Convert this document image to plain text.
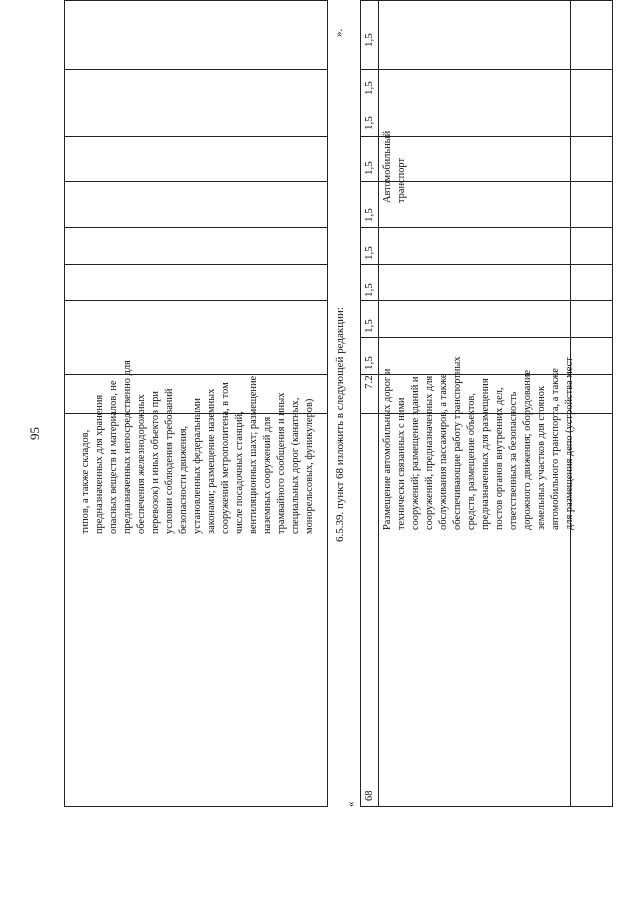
95	типов, а также складов, предназначенных для хранения опасных веществ и материалов, не предназначенных непосредственно для обеспечения железнодорожных перевозок) и иных объектов при условии соблюдения требований безопасности движения, установленных федеральными законами; размещение наземных сооружений метрополитена, в том числе посадочных станций, вентиляционных шахт; размещение наземных сооружений для трамвайного сообщения и иных специальных дорог (канатных, монорельсовых, фуникулеров) 6.5.39. пункт 68 изложить в следующей редакции:
«
».
68
Автомобильный транспорт
Размещение автомобильных дорог и технически связанных с ними сооружений; размещение зданий и сооружений, предназначенных для обслуживания пассажиров, а также обеспечивающие работу транспортных средств, размещение объектов, предназначенных для размещения постов органов внутренних дел, ответственных за безопасность дорожного движения; оборудование земельных участков для стоянок автомобильного транспорта, а также для размещения депо (устройства мест
7.2
1,5
1,5
1,5
1,5
1,5
1,5
1,5
1,5
1,5
